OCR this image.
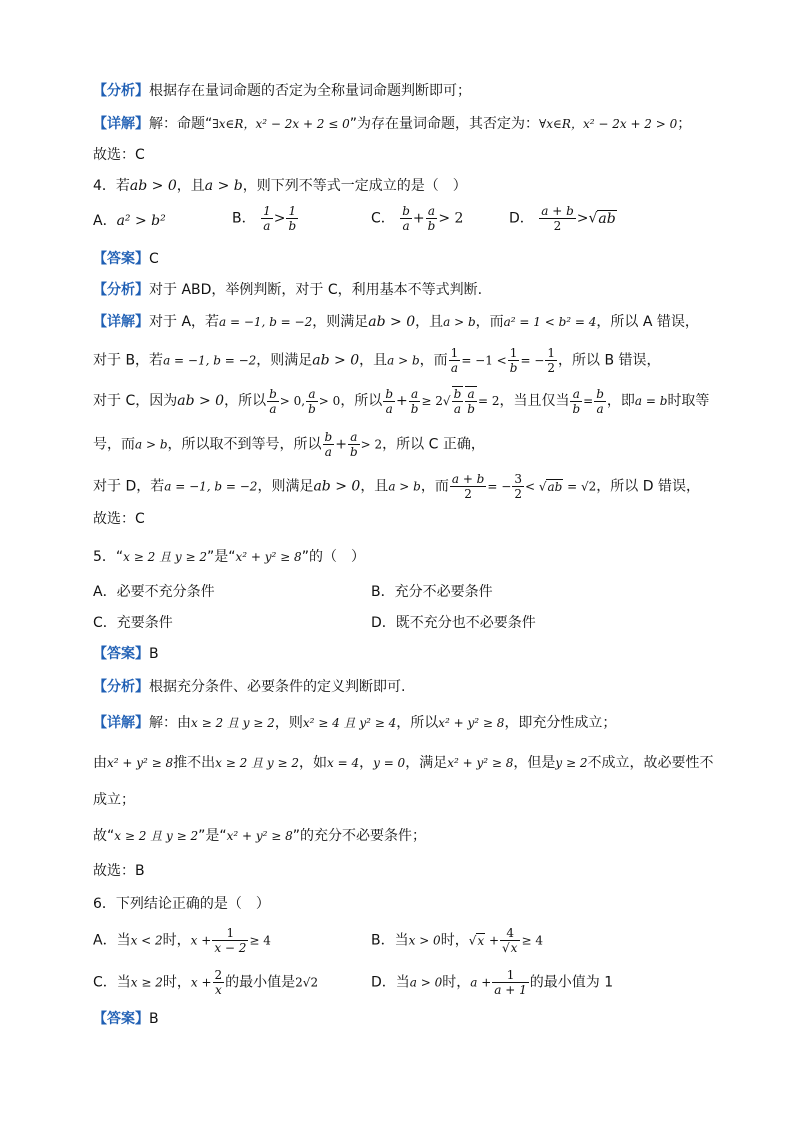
【分析】根据存在量词命题的否定为全称量词命题判断即可；
【详解】解：命题“∃x∈R，x² − 2x + 2 ≤ 0”为存在量词命题，其否定为：∀x∈R，x² − 2x + 2 > 0；
故选：C
4．若ab > 0，且a > b，则下列不等式一定成立的是（　）
A．a² > b²	B． $\frac{1}{a} > \frac{1}{b}$	C． $\frac{b}{a} + \frac{a}{b} > 2$	D． $\frac{a + b}{2} >√ab$
【答案】C
【分析】对于 ABD，举例判断，对于 C，利用基本不等式判断.
【详解】对于 A，若a = −1, b = −2，则满足ab > 0，且a > b，而a² = 1 < b² = 4，所以 A 错误，
对于 B，若a = −1, b = −2，则满足ab > 0，且a > b，而 $\frac{1}{a} = -1 < \frac{1}{b}$ = − $\frac{1}{2}$ ，所以 B 错误，
对于 C，因为ab > 0，所以 $\frac{b}{a} > 0$, $\frac{a}{b} > 0$，所以 $\frac{b}{a} + \frac{a}{b} \ge 2√ \frac{b}{a} \frac{a}{b} = 2$，当且仅当 $\frac{a}{b} = \frac{b}{a}$ ，即a = b时取等
号，而a > b，所以取不到等号，所以 $\frac{b}{a} + \frac{a}{b} > 2$，所以 C 正确，
对于 D，若a = −1, b = −2，则满足ab > 0，且a > b，而 $\frac{a + b}{2}$ = − $\frac{3}{2} < √ab = √2$，所以 D 错误，
故选：C
5．“x ≥ 2 且 y ≥ 2”是“x² + y² ≥ 8”的（　）
A．必要不充分条件	B．充分不必要条件
C．充要条件	D．既不充分也不必要条件
【答案】B
【分析】根据充分条件、必要条件的定义判断即可.
【详解】解：由x ≥ 2 且 y ≥ 2，则x² ≥ 4 且 y² ≥ 4，所以x² + y² ≥ 8，即充分性成立；
由x² + y² ≥ 8推不出x ≥ 2 且 y ≥ 2，如x = 4，y = 0，满足x² + y² ≥ 8，但是y ≥ 2不成立，故必要性不
成立；
故“x ≥ 2 且 y ≥ 2”是“x² + y² ≥ 8”的充分不必要条件；
故选：B
6．下列结论正确的是（　）
A．当x < 2时，$x + \frac{1}{x - 2} \ge 4$	B．当x > 0时，$√x + \frac{4}{√x} \ge 4$
C．当x ≥ 2时，$x + \frac{2}{x}$ 的最小值是2√2	D．当a > 0时，$a + \frac{1}{a + 1}$ 的最小值为 1
【答案】B
